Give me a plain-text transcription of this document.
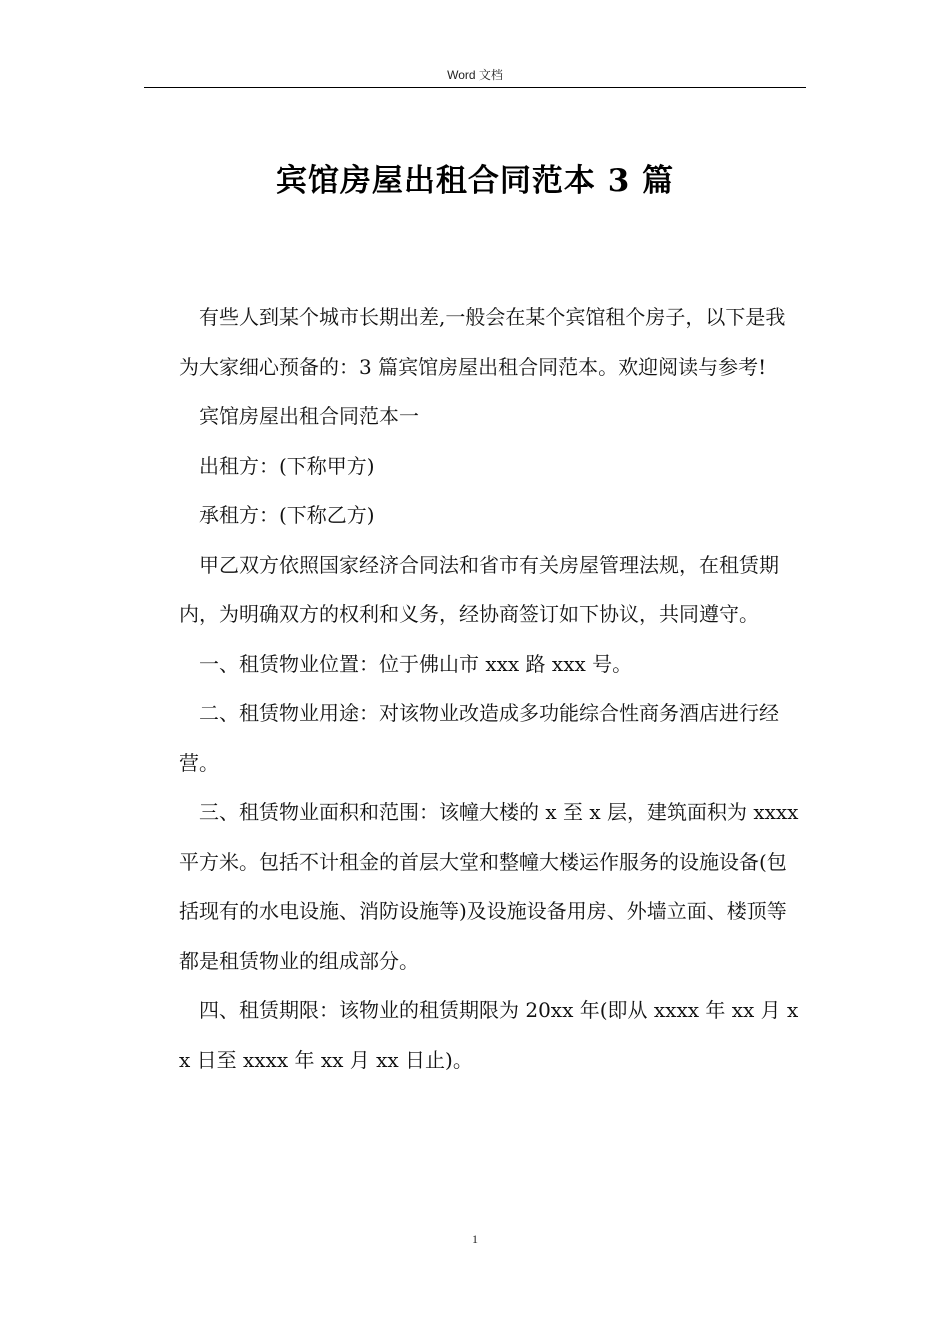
Word 文档
宾馆房屋出租合同范本 3 篇

有些人到某个城市长期出差,一般会在某个宾馆租个房子，以下是我为大家细心预备的：3 篇宾馆房屋出租合同范本。欢迎阅读与参考!

宾馆房屋出租合同范本一

出租方：(下称甲方)

承租方：(下称乙方)

甲乙双方依照国家经济合同法和省市有关房屋管理法规，在租赁期内，为明确双方的权利和义务，经协商签订如下协议，共同遵守。

一、租赁物业位置：位于佛山市 xxx 路 xxx 号。

二、租赁物业用途：对该物业改造成多功能综合性商务酒店进行经营。

三、租赁物业面积和范围：该幢大楼的 x 至 x 层，建筑面积为 xxxx 平方米。包括不计租金的首层大堂和整幢大楼运作服务的设施设备(包括现有的水电设施、消防设施等)及设施设备用房、外墙立面、楼顶等都是租赁物业的组成部分。

四、租赁期限：该物业的租赁期限为 20xx 年(即从 xxxx 年 xx 月 xx 日至 xxxx 年 xx 月 xx 日止)。

1
